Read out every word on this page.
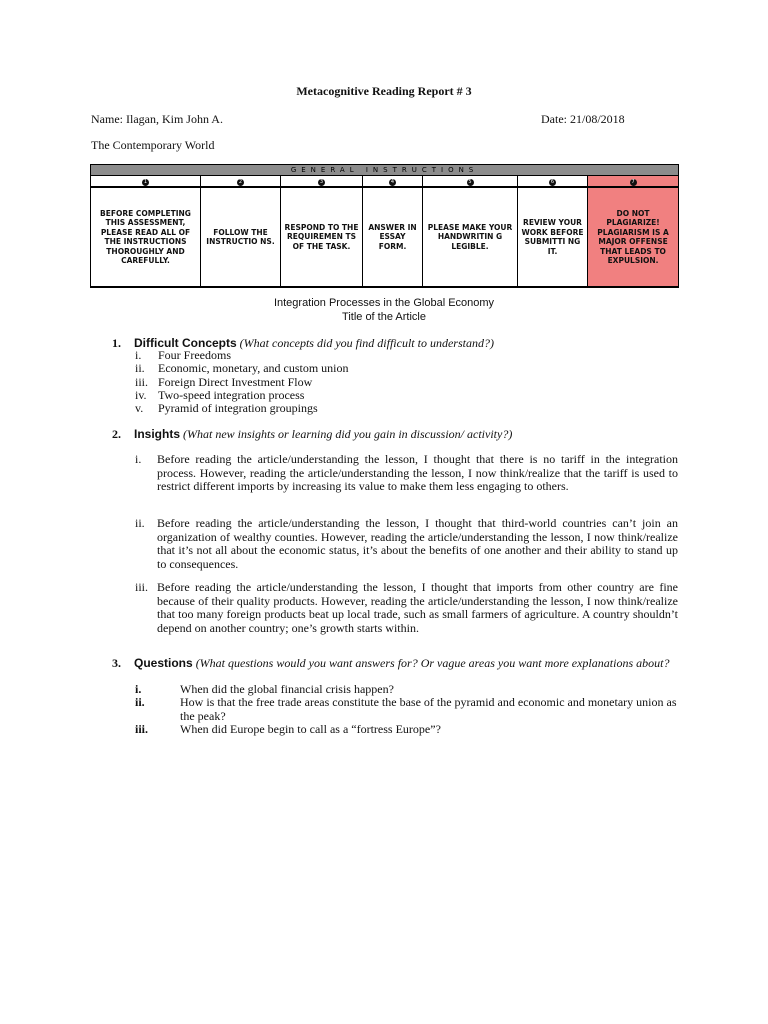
Metacognitive Reading Report # 3
Name: Ilagan, Kim John A.	Date: 21/08/2018
The Contemporary World
GENERAL INSTRUCTIONS						
1	2	3	4	5	6	7
BEFORE COMPLETING THIS ASSESSMENT, PLEASE READ ALL OF THE INSTRUCTIONS THOROUGHLY AND CAREFULLY.	FOLLOW THE INSTRUCTIO NS.	RESPOND TO THE REQUIREMEN TS OF THE TASK.	ANSWER IN ESSAY FORM.	PLEASE MAKE YOUR HANDWRITIN G LEGIBLE.	REVIEW YOUR WORK BEFORE SUBMITTI NG IT.	DO NOT PLAGIARIZE! PLAGIARISM IS A MAJOR OFFENSE THAT LEADS TO EXPULSION.
Integration Processes in the Global Economy
Title of the Article
1. Difficult Concepts (What concepts did you find difficult to understand?)
i. Four Freedoms
ii. Economic, monetary, and custom union
iii. Foreign Direct Investment Flow
iv. Two-speed integration process
v. Pyramid of integration groupings
2. Insights (What new insights or learning did you gain in discussion/ activity?)
i. Before reading the article/understanding the lesson, I thought that there is no tariff in the integration process. However, reading the article/understanding the lesson, I now think/realize that the tariff is used to restrict different imports by increasing its value to make them less engaging to others.
ii. Before reading the article/understanding the lesson, I thought that third-world countries can’t join an organization of wealthy counties. However, reading the article/understanding the lesson, I now think/realize that it’s not all about the economic status, it’s about the benefits of one another and their ability to stand up to consequences.
iii. Before reading the article/understanding the lesson, I thought that imports from other country are fine because of their quality products. However, reading the article/understanding the lesson, I now think/realize that too many foreign products beat up local trade, such as small farmers of agriculture. A country shouldn’t depend on another country; one’s growth starts within.
3. Questions (What questions would you want answers for? Or vague areas you want more explanations about?
i.	When did the global financial crisis happen?
ii.	How is that the free trade areas constitute the base of the pyramid and economic and monetary union as the peak?
iii.	When did Europe begin to call as a “fortress Europe”?
